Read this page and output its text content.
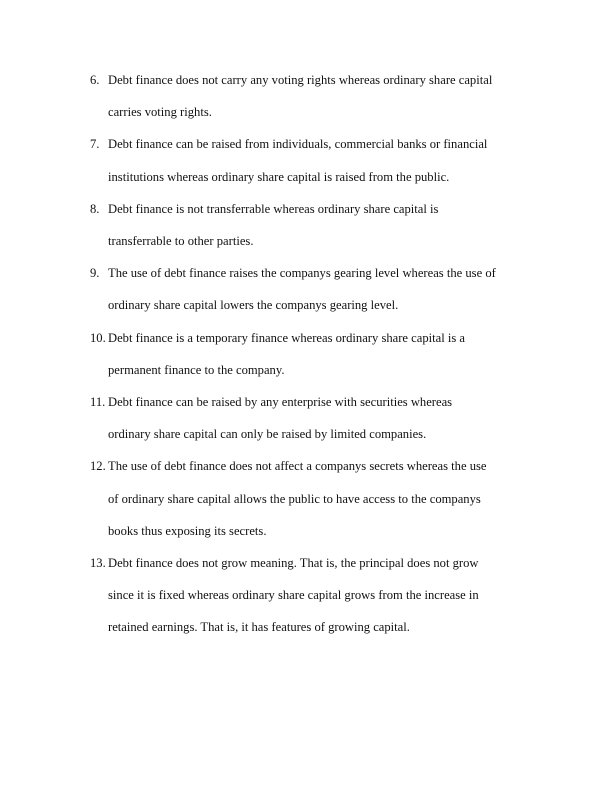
6. Debt finance does not carry any voting rights whereas ordinary share capital
carries voting rights.
7. Debt finance can be raised from individuals, commercial banks or financial
institutions whereas ordinary share capital is raised from the public.
8. Debt finance is not transferrable whereas ordinary share capital is
transferrable to other parties.
9. The use of debt finance raises the companys gearing level whereas the use of
ordinary share capital lowers the companys gearing level.
10. Debt finance is a temporary finance whereas ordinary share capital is a
permanent finance to the company.
11. Debt finance can be raised by any enterprise with securities whereas
ordinary share capital can only be raised by limited companies.
12. The use of debt finance does not affect a companys secrets whereas the use
of ordinary share capital allows the public to have access to the companys
books thus exposing its secrets.
13. Debt finance does not grow meaning. That is, the principal does not grow
since it is fixed whereas ordinary share capital grows from the increase in
retained earnings. That is, it has features of growing capital.
